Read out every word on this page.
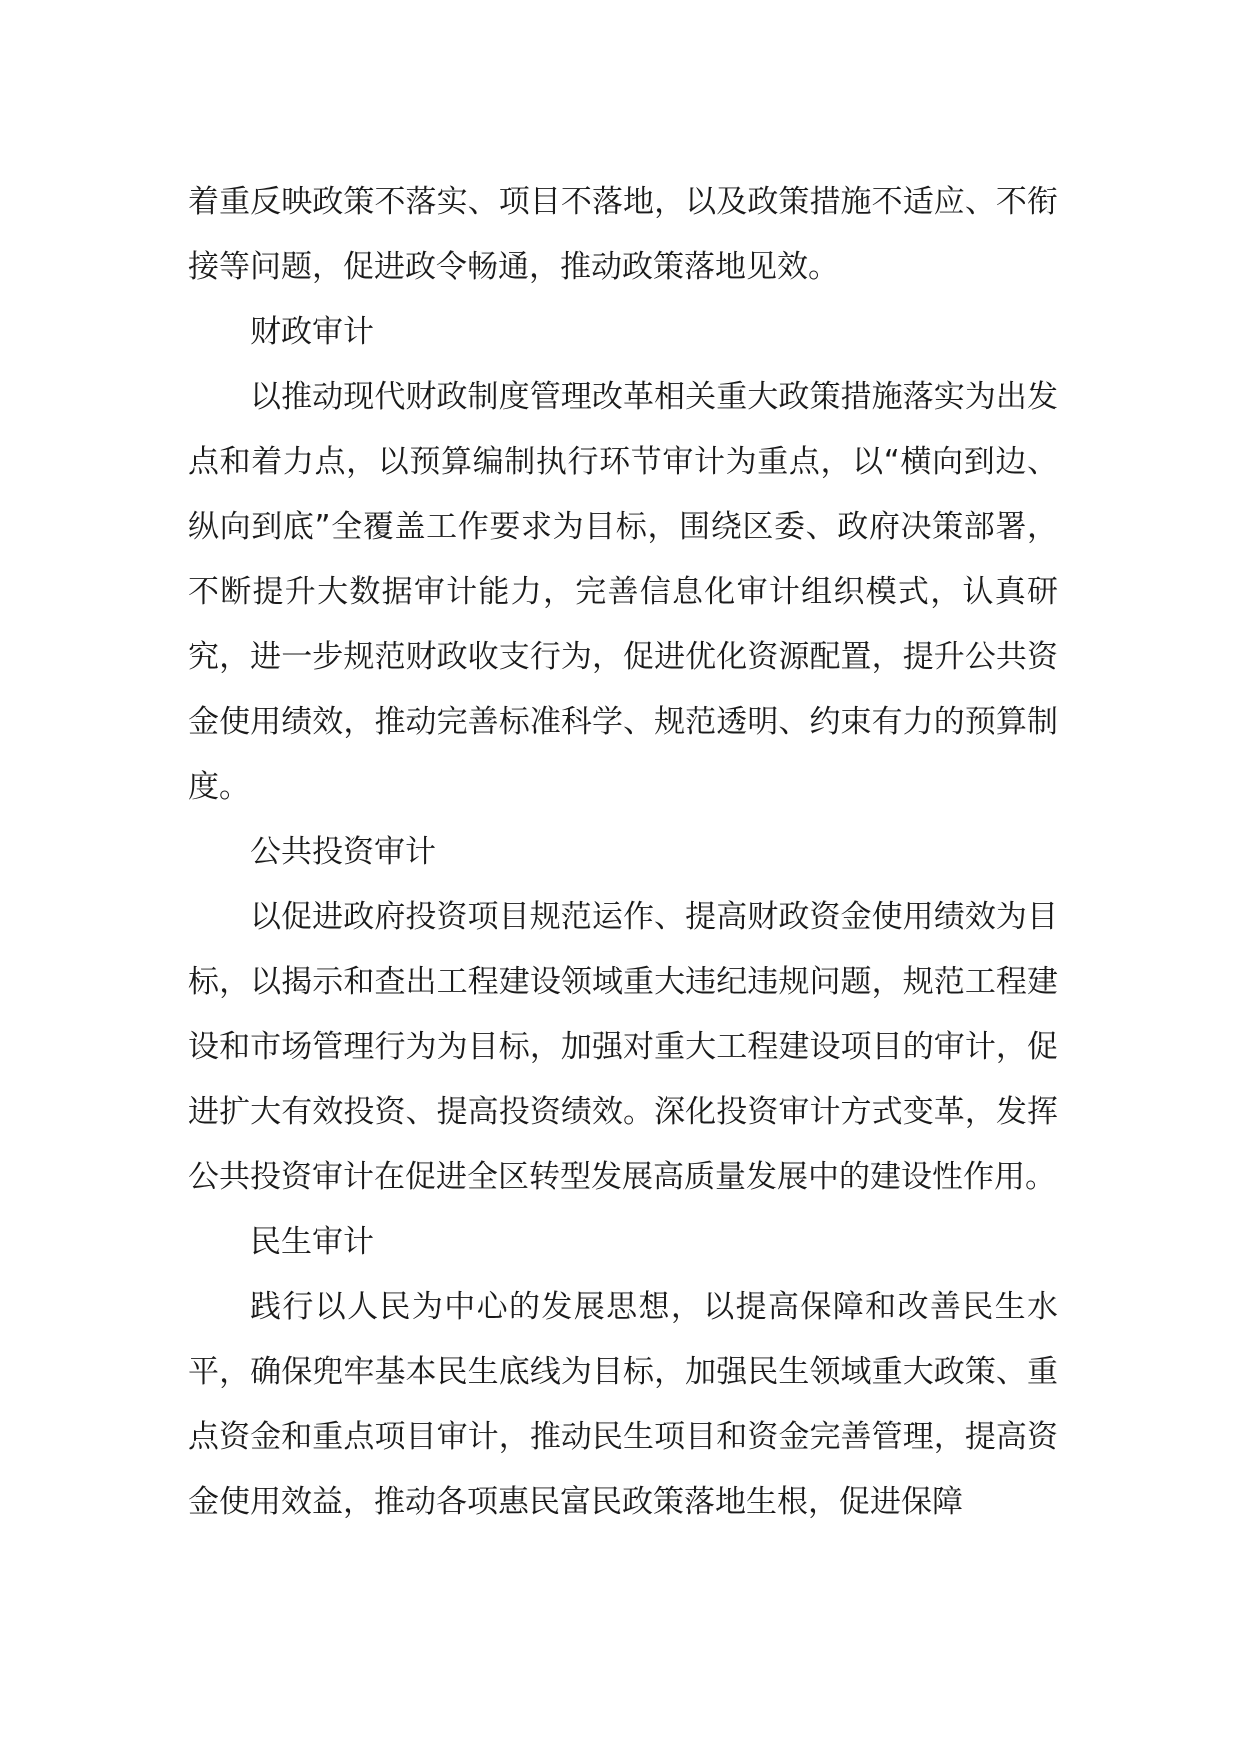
着重反映政策不落实、项目不落地，以及政策措施不适应、不衔接等问题，促进政令畅通，推动政策落地见效。

财政审计

以推动现代财政制度管理改革相关重大政策措施落实为出发点和着力点，以预算编制执行环节审计为重点，以“横向到边、纵向到底”全覆盖工作要求为目标，围绕区委、政府决策部署，不断提升大数据审计能力，完善信息化审计组织模式，认真研究，进一步规范财政收支行为，促进优化资源配置，提升公共资金使用绩效，推动完善标准科学、规范透明、约束有力的预算制度。

公共投资审计

以促进政府投资项目规范运作、提高财政资金使用绩效为目标，以揭示和查出工程建设领域重大违纪违规问题，规范工程建设和市场管理行为为目标，加强对重大工程建设项目的审计，促进扩大有效投资、提高投资绩效。深化投资审计方式变革，发挥公共投资审计在促进全区转型发展高质量发展中的建设性作用。

民生审计

践行以人民为中心的发展思想，以提高保障和改善民生水平，确保兜牢基本民生底线为目标，加强民生领域重大政策、重点资金和重点项目审计，推动民生项目和资金完善管理，提高资金使用效益，推动各项惠民富民政策落地生根，促进保障
